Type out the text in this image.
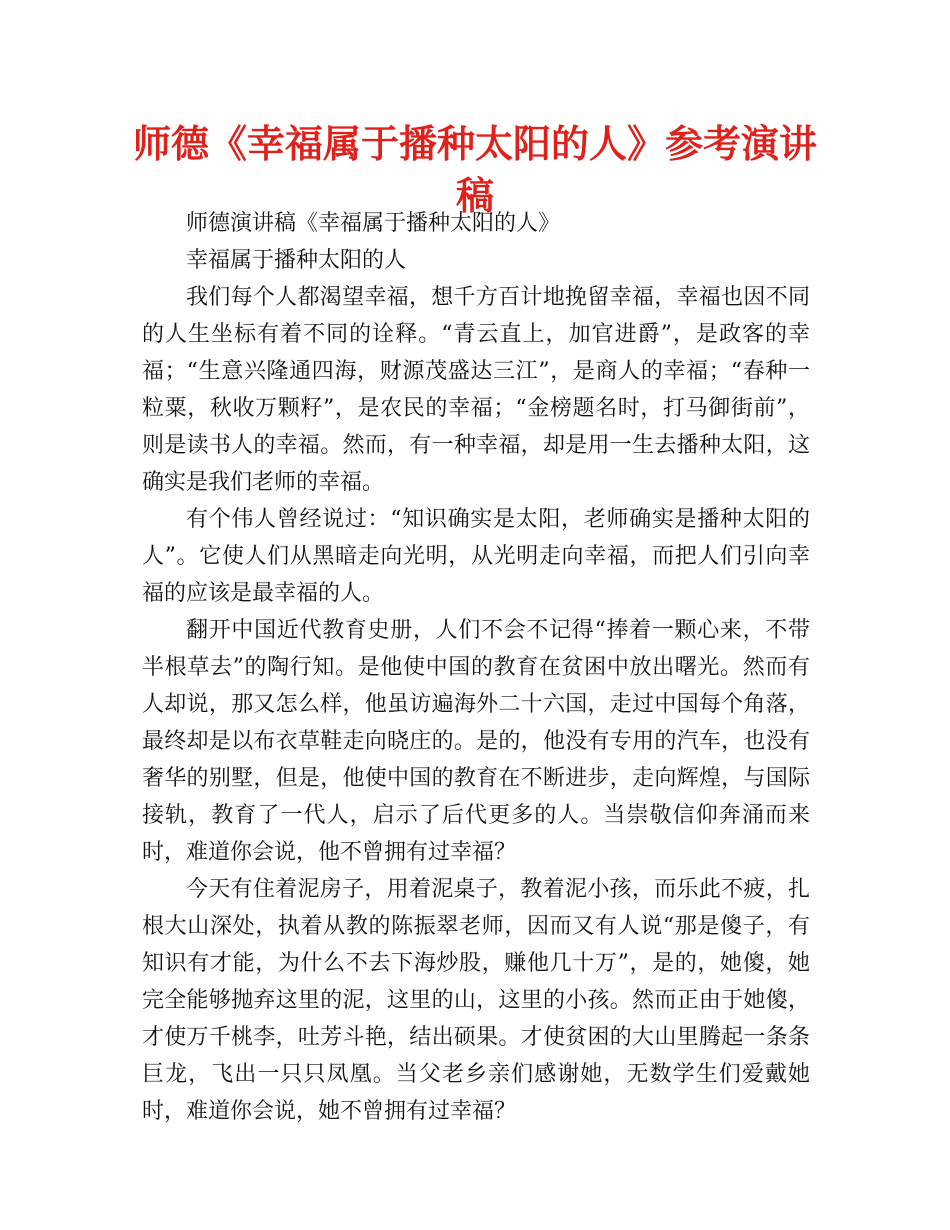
师德《幸福属于播种太阳的人》参考演讲稿

师德演讲稿《幸福属于播种太阳的人》

幸福属于播种太阳的人

我们每个人都渴望幸福，想千方百计地挽留幸福，幸福也因不同的人生坐标有着不同的诠释。“青云直上，加官进爵”，是政客的幸福；“生意兴隆通四海，财源茂盛达三江”，是商人的幸福；“春种一粒粟，秋收万颗籽”，是农民的幸福；“金榜题名时，打马御街前”，则是读书人的幸福。然而，有一种幸福，却是用一生去播种太阳，这确实是我们老师的幸福。

有个伟人曾经说过：“知识确实是太阳，老师确实是播种太阳的人”。它使人们从黑暗走向光明，从光明走向幸福，而把人们引向幸福的应该是最幸福的人。

翻开中国近代教育史册，人们不会不记得“捧着一颗心来，不带半根草去”的陶行知。是他使中国的教育在贫困中放出曙光。然而有人却说，那又怎么样，他虽访遍海外二十六国，走过中国每个角落，最终却是以布衣草鞋走向晓庄的。是的，他没有专用的汽车，也没有奢华的别墅，但是，他使中国的教育在不断进步，走向辉煌，与国际接轨，教育了一代人，启示了后代更多的人。当崇敬信仰奔涌而来时，难道你会说，他不曾拥有过幸福？

今天有住着泥房子，用着泥桌子，教着泥小孩，而乐此不疲，扎根大山深处，执着从教的陈振翠老师，因而又有人说“那是傻子，有知识有才能，为什么不去下海炒股，赚他几十万”，是的，她傻，她完全能够抛弃这里的泥，这里的山，这里的小孩。然而正由于她傻，才使万千桃李，吐芳斗艳，结出硕果。才使贫困的大山里腾起一条条巨龙，飞出一只只凤凰。当父老乡亲们感谢她，无数学生们爱戴她时，难道你会说，她不曾拥有过幸福？
